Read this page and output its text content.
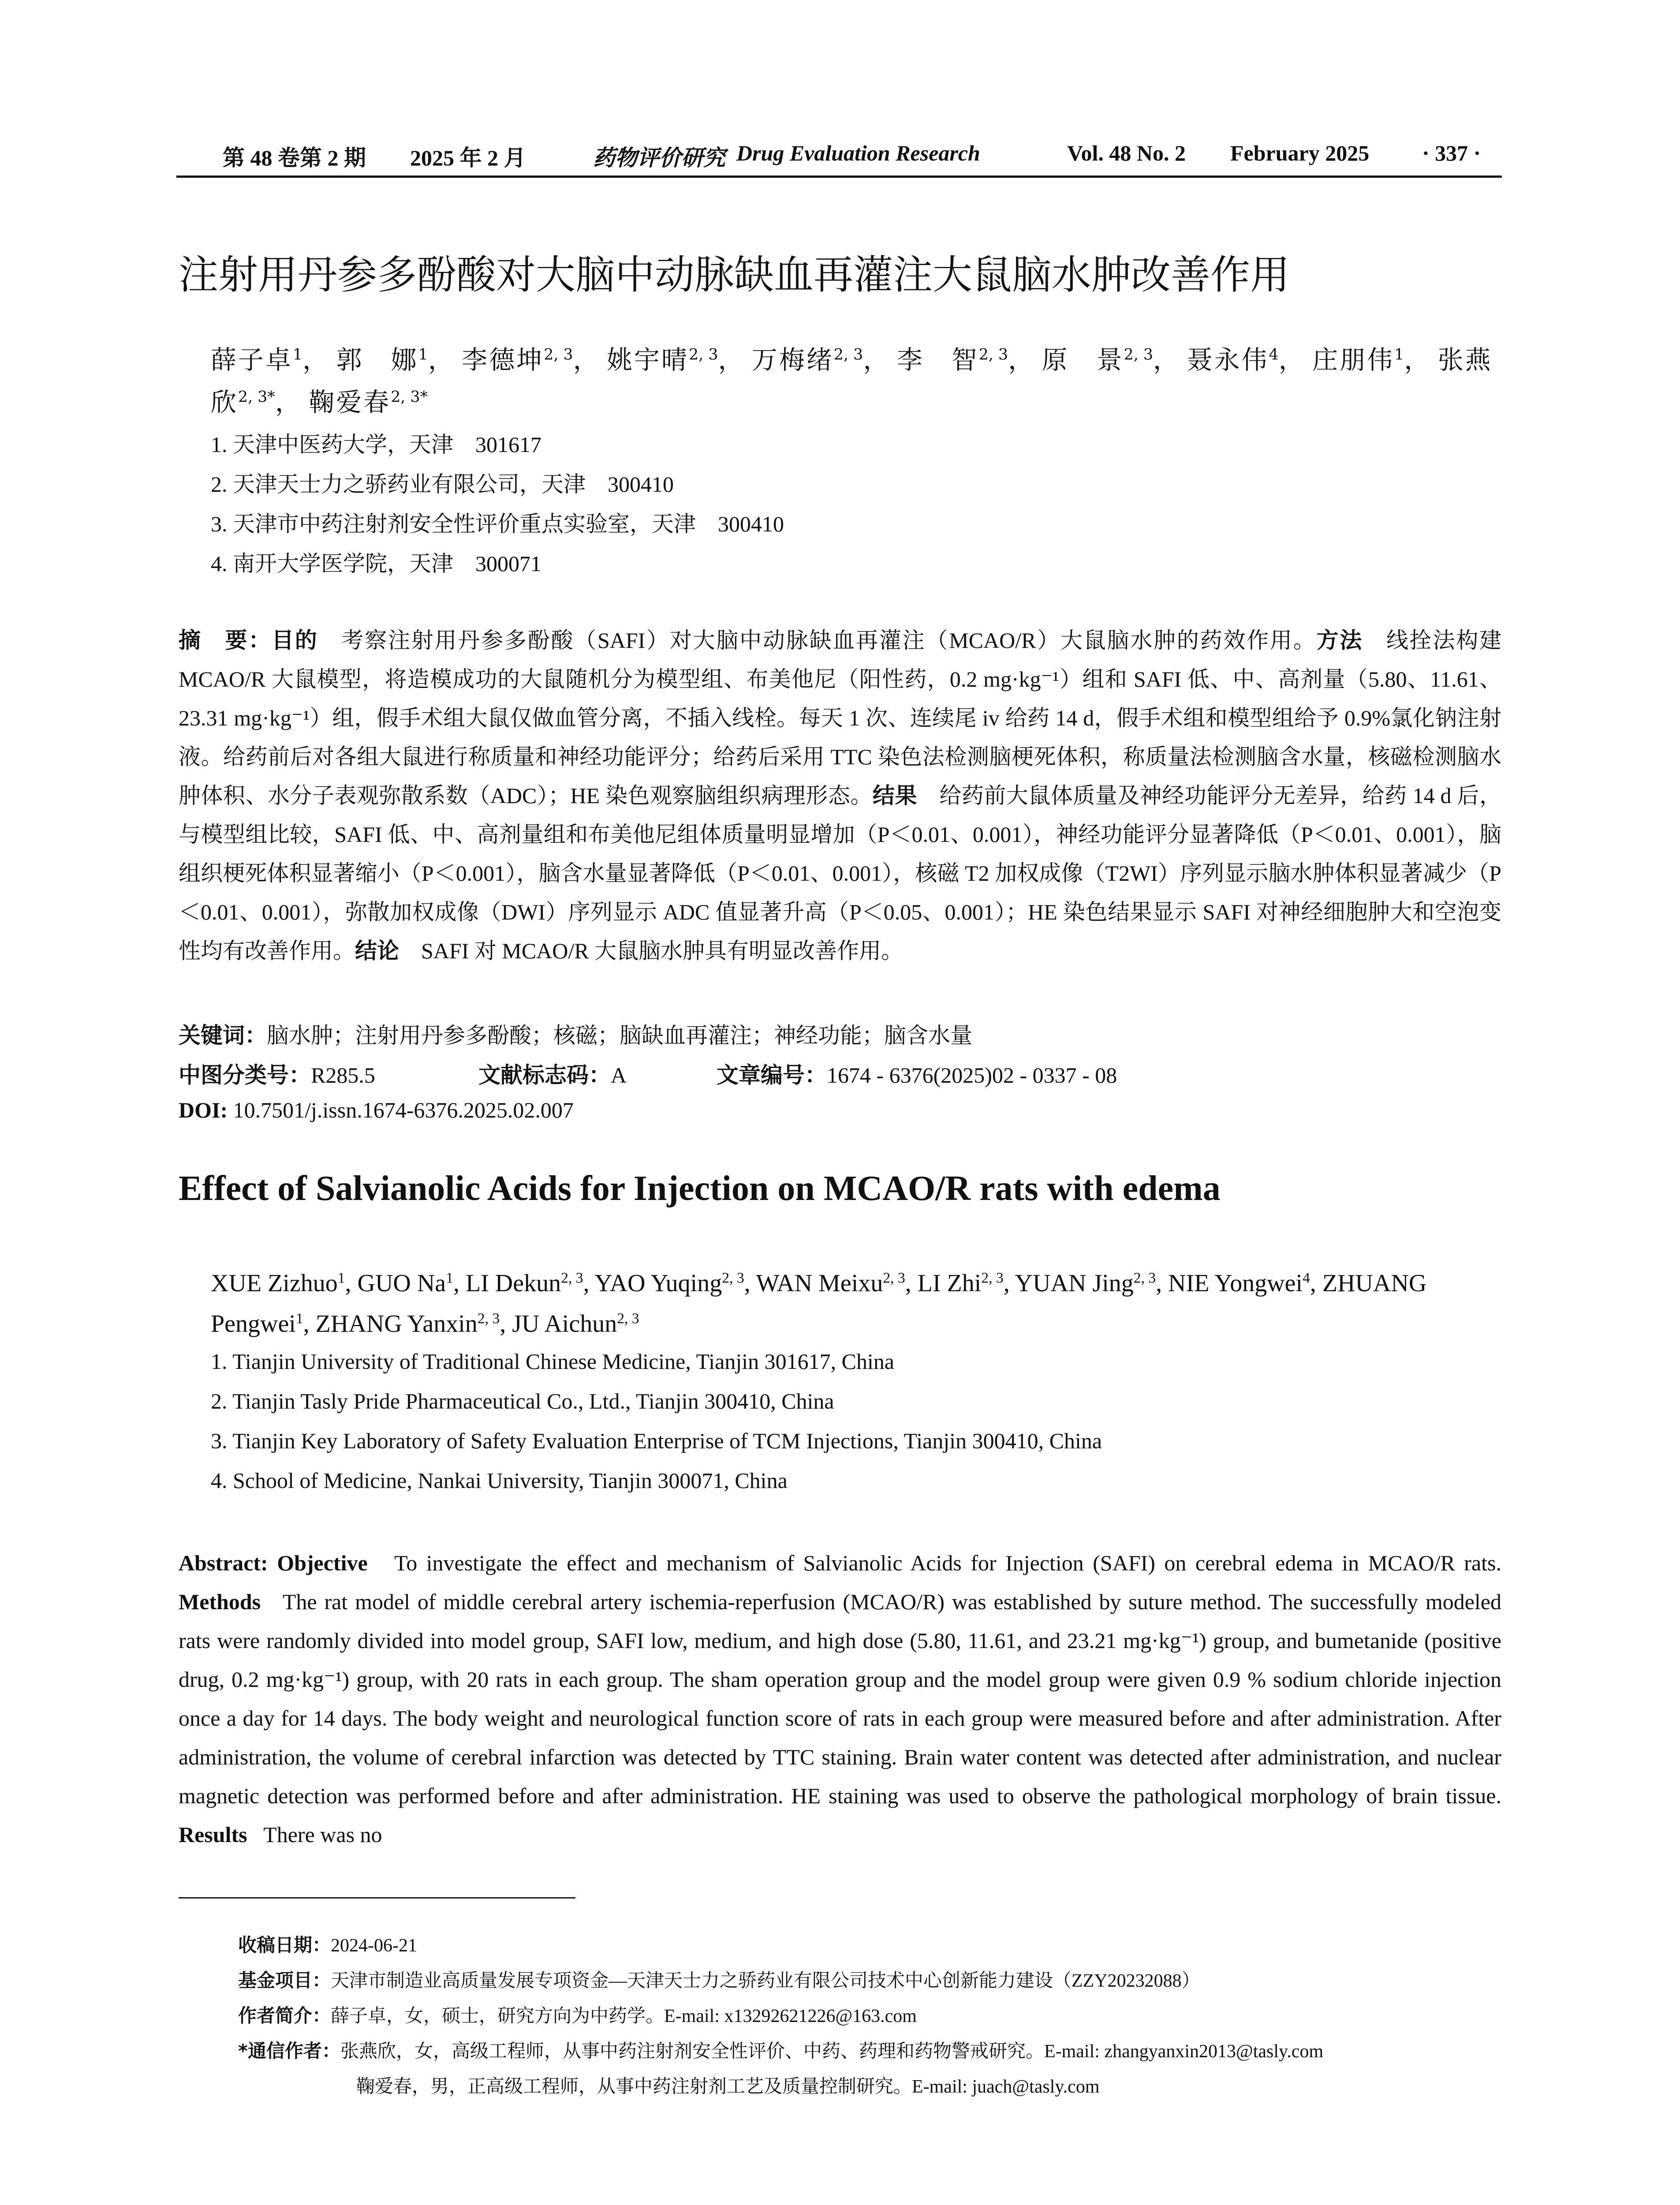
第 48 卷第 2 期 2025 年 2 月	药物评价研究 Drug Evaluation Research	Vol. 48 No. 2 February 2025 · 337 ·
注射用丹参多酚酸对大脑中动脉缺血再灌注大鼠脑水肿改善作用
薛子卓$^1$， 郭　娜$^1$， 李德坤$^{2, 3}$， 姚宇晴$^{2, 3}$， 万梅绪$^{2, 3}$， 李　智$^{2, 3}$， 原　景$^{2, 3}$， 聂永伟$^4$， 庄朋伟$^1$， 张燕欣$^{2, 3*}$， 鞠爱春$^{2, 3*}$
1. 天津中医药大学，天津　301617
2. 天津天士力之骄药业有限公司，天津　300410
3. 天津市中药注射剂安全性评价重点实验室，天津　300410
4. 南开大学医学院，天津　300071
摘　要：目的　 考察注射用丹参多酚酸（SAFI）对大脑中动脉缺血再灌注（MCAO/R）大鼠脑水肿的药效作用。方法　 线拴法构建 MCAO/R 大鼠模型，将造模成功的大鼠随机分为模型组、布美他尼（阳性药，0.2 mg·kg⁻¹）组和 SAFI 低、中、高剂量（5.80、11.61、23.31 mg·kg⁻¹）组，假手术组大鼠仅做血管分离，不插入线栓。每天 1 次、连续尾 iv 给药 14 d，假手术组和模型组给予 0.9%氯化钠注射液。给药前后对各组大鼠进行称质量和神经功能评分；给药后采用 TTC 染色法检测脑梗死体积，称质量法检测脑含水量，核磁检测脑水肿体积、水分子表观弥散系数（ADC）；HE 染色观察脑组织病理形态。结果　 给药前大鼠体质量及神经功能评分无差异，给药 14 d 后，与模型组比较，SAFI 低、中、高剂量组和布美他尼组体质量明显增加（P＜0.01、0.001），神经功能评分显著降低（P＜0.01、0.001），脑组织梗死体积显著缩小（P＜0.001），脑含水量显著降低（P＜0.01、0.001），核磁 T2 加权成像（T2WI）序列显示脑水肿体积显著减少（P＜0.01、0.001），弥散加权成像（DWI）序列显示 ADC 值显著升高（P＜0.05、0.001）；HE 染色结果显示 SAFI 对神经细胞肿大和空泡变性均有改善作用。结论　 SAFI 对 MCAO/R 大鼠脑水肿具有明显改善作用。
关键词：脑水肿；注射用丹参多酚酸；核磁；脑缺血再灌注；神经功能；脑含水量
中图分类号：R285.5	文献标志码：A	文章编号：1674 - 6376(2025)02 - 0337 - 08
DOI: 10.7501/j.issn.1674-6376.2025.02.007
Effect of Salvianolic Acids for Injection on MCAO/R rats with edema
XUE Zizhuo$^1$, GUO Na$^1$, LI Dekun$^{2, 3}$, YAO Yuqing$^{2, 3}$, WAN Meixu$^{2, 3}$, LI Zhi$^{2, 3}$, YUAN Jing$^{2, 3}$, NIE Yongwei$^4$, ZHUANG Pengwei$^1$, ZHANG Yanxin$^{2, 3}$, JU Aichun$^{2, 3}$
1. Tianjin University of Traditional Chinese Medicine, Tianjin 301617, China
2. Tianjin Tasly Pride Pharmaceutical Co., Ltd., Tianjin 300410, China
3. Tianjin Key Laboratory of Safety Evaluation Enterprise of TCM Injections, Tianjin 300410, China
4. School of Medicine, Nankai University, Tianjin 300071, China
Abstract: Objective To investigate the effect and mechanism of Salvianolic Acids for Injection (SAFI) on cerebral edema in MCAO/R rats. Methods The rat model of middle cerebral artery ischemia-reperfusion (MCAO/R) was established by suture method. The successfully modeled rats were randomly divided into model group, SAFI low, medium, and high dose (5.80, 11.61, and 23.21 mg·kg⁻¹) group, and bumetanide (positive drug, 0.2 mg·kg⁻¹) group, with 20 rats in each group. The sham operation group and the model group were given 0.9 % sodium chloride injection once a day for 14 days. The body weight and neurological function score of rats in each group were measured before and after administration. After administration, the volume of cerebral infarction was detected by TTC staining. Brain water content was detected after administration, and nuclear magnetic detection was performed before and after administration. HE staining was used to observe the pathological morphology of brain tissue. Results There was no
收稿日期：2024-06-21
基金项目：天津市制造业高质量发展专项资金—天津天士力之骄药业有限公司技术中心创新能力建设（ZZY20232088）
作者简介：薛子卓，女，硕士，研究方向为中药学。E-mail: x13292621226@163.com
*通信作者：张燕欣，女，高级工程师，从事中药注射剂安全性评价、中药、药理和药物警戒研究。E-mail: zhangyanxin2013@tasly.com
鞠爱春，男，正高级工程师，从事中药注射剂工艺及质量控制研究。E-mail: juach@tasly.com
